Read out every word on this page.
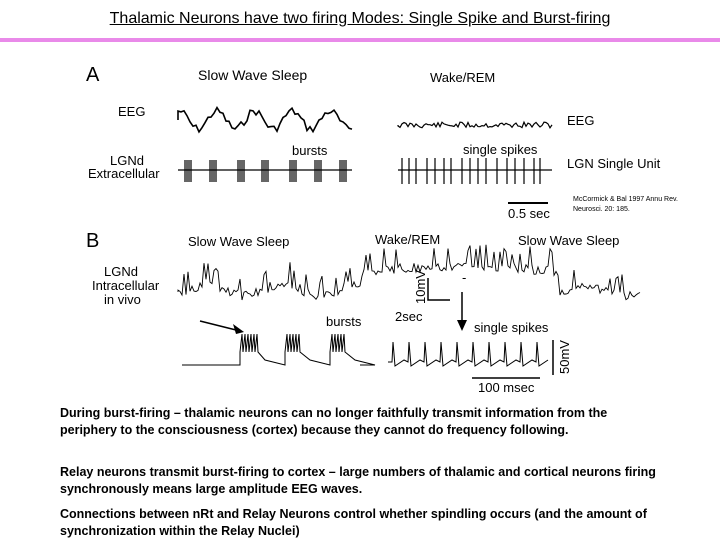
Thalamic Neurons have two firing Modes: Single Spike and Burst-firing
A	Slow Wave Sleep	Wake/REM
EEG
EEG
LGNd
Extracellular
bursts	single spikes
LGN Single Unit
0.5 sec
McCormick & Bal 1997 Annu Rev. Neurosci. 20: 185.
B	Slow Wave Sleep	Wake/REM	Slow Wave Sleep
LGNd
Intracellular
in vivo
bursts	single spikes
10mV
2sec
50mV
100 msec
-

During burst-firing – thalamic neurons can no longer faithfully transmit information from the periphery to the consciousness (cortex) because they cannot do frequency following.

Relay neurons transmit burst-firing to cortex – large numbers of thalamic and cortical neurons firing synchronously means large amplitude EEG waves.

Connections between nRt and Relay Neurons control whether spindling occurs (and the amount of synchronization within the Relay Nuclei)
